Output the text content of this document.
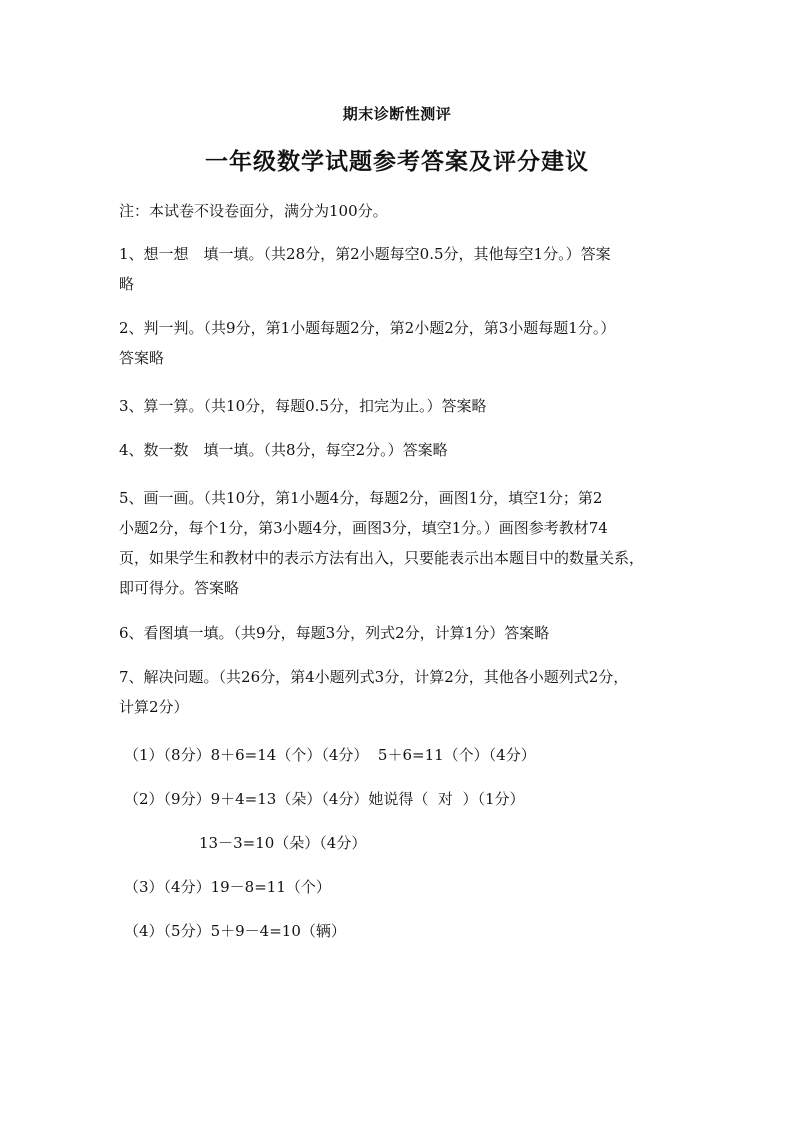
期末诊断性测评
一年级数学试题参考答案及评分建议

注：本试卷不设卷面分，满分为100分。

1、想一想　填一填。（共28分，第2小题每空0.5分，其他每空1分。）答案

略

2、判一判。（共9分，第1小题每题2分，第2小题2分，第3小题每题1分。）

答案略

3、算一算。（共10分，每题0.5分，扣完为止。）答案略

4、数一数　填一填。（共8分，每空2分。）答案略

5、画一画。（共10分，第1小题4分，每题2分，画图1分，填空1分；第2

小题2分，每个1分，第3小题4分，画图3分，填空1分。）画图参考教材74

页，如果学生和教材中的表示方法有出入，只要能表示出本题目中的数量关系，

即可得分。答案略

6、看图填一填。（共9分，每题3分，列式2分，计算1分）答案略

7、解决问题。（共26分，第4小题列式3分，计算2分，其他各小题列式2分，

计算2分）

（1）（8分）8＋6=14（个）（4分）  5＋6=11（个）（4分）

（2）（9分）9＋4=13（朵）（4分）她说得（  对  ）（1分）

13－3=10（朵）（4分）

（3）（4分）19－8=11（个）

（4）（5分）5＋9－4=10（辆）
